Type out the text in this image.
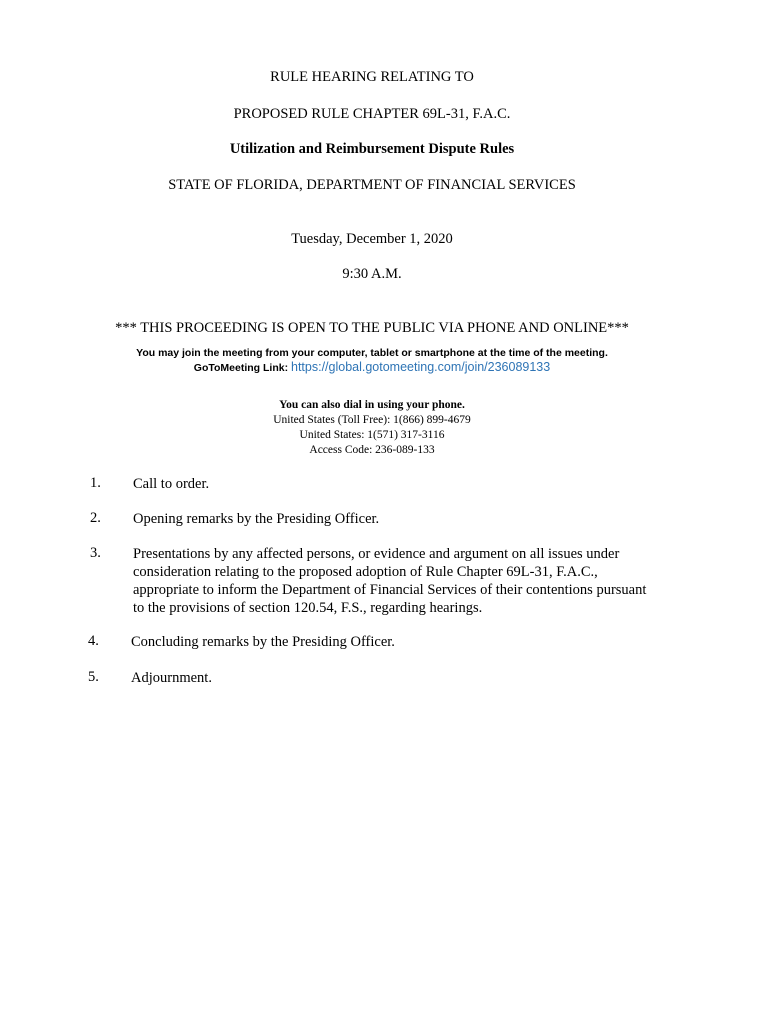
RULE HEARING RELATING TO
PROPOSED RULE CHAPTER 69L-31, F.A.C.
Utilization and Reimbursement Dispute Rules
STATE OF FLORIDA, DEPARTMENT OF FINANCIAL SERVICES
Tuesday, December 1, 2020
9:30 A.M.
*** THIS PROCEEDING IS OPEN TO THE PUBLIC VIA PHONE AND ONLINE***
You may join the meeting from your computer, tablet or smartphone at the time of the meeting.
GoToMeeting Link: https://global.gotomeeting.com/join/236089133
You can also dial in using your phone.
United States (Toll Free): 1(866) 899-4679
United States: 1(571) 317-3116
Access Code: 236-089-133
1. Call to order.
2. Opening remarks by the Presiding Officer.
3. Presentations by any affected persons, or evidence and argument on all issues under consideration relating to the proposed adoption of Rule Chapter 69L-31, F.A.C., appropriate to inform the Department of Financial Services of their contentions pursuant to the provisions of section 120.54, F.S., regarding hearings.
4. Concluding remarks by the Presiding Officer.
5. Adjournment.
